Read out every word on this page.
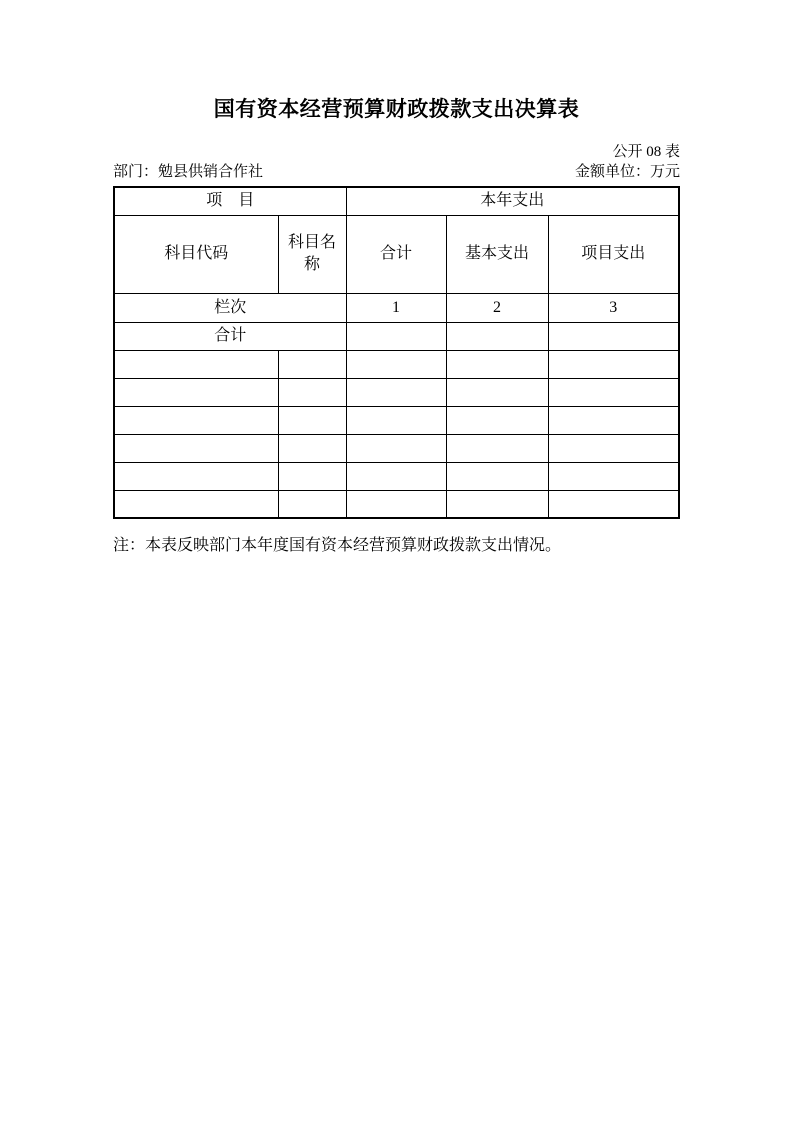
国有资本经营预算财政拨款支出决算表
公开 08 表
部门：勉县供销合作社	金额单位：万元
项　目		本年支出		
科目代码	科目名称	合计	基本支出	项目支出
栏次		1	2	3
合计				

注：本表反映部门本年度国有资本经营预算财政拨款支出情况。
